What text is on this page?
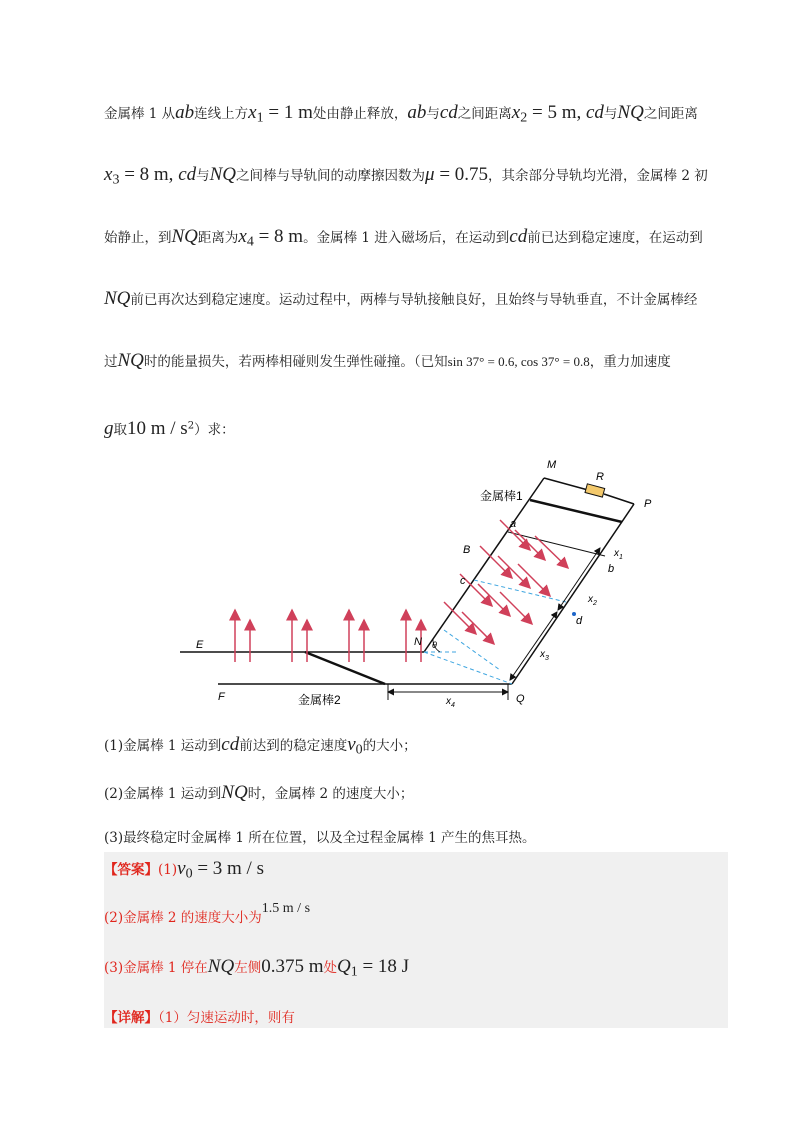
金属棒 1 从ab连线上方$x_1 = 1$ m处由静止释放，ab与cd之间距离$x_2 = 5$ m, cd与NQ之间距离
$x_3 = 8$ m, cd与NQ之间棒与导轨间的动摩擦因数为μ = 0.75，其余部分导轨均光滑，金属棒 2 初
始静止，到NQ距离为$x_4 = 8$ m。金属棒 1 进入磁场后，在运动到cd前已达到稳定速度，在运动到
NQ前已再次达到稳定速度。运动过程中，两棒与导轨接触良好，且始终与导轨垂直，不计金属棒经
过NQ时的能量损失，若两棒相碰则发生弹性碰撞。（已知sin 37° = 0.6, cos 37° = 0.8，重力加速度
g取10 m / $s^2$）求：
M
R
P
金属棒1
a
B
b
c
d
$x_1$
$x_2$
$x_3$
$x_4$
E
F
N θ
Q
金属棒2
(1)金属棒 1 运动到cd前达到的稳定速度$v_0$的大小；
(2)金属棒 1 运动到NQ时，金属棒 2 的速度大小；
(3)最终稳定时金属棒 1 所在位置，以及全过程金属棒 1 产生的焦耳热。
【答案】$(1)v_0 = 3$ m / s
(2)金属棒 2 的速度大小为1.5 m / s
(3)金属棒 1 停在NQ左侧0.375 m处$Q_1 = 18$ J
【详解】（1）匀速运动时，则有
